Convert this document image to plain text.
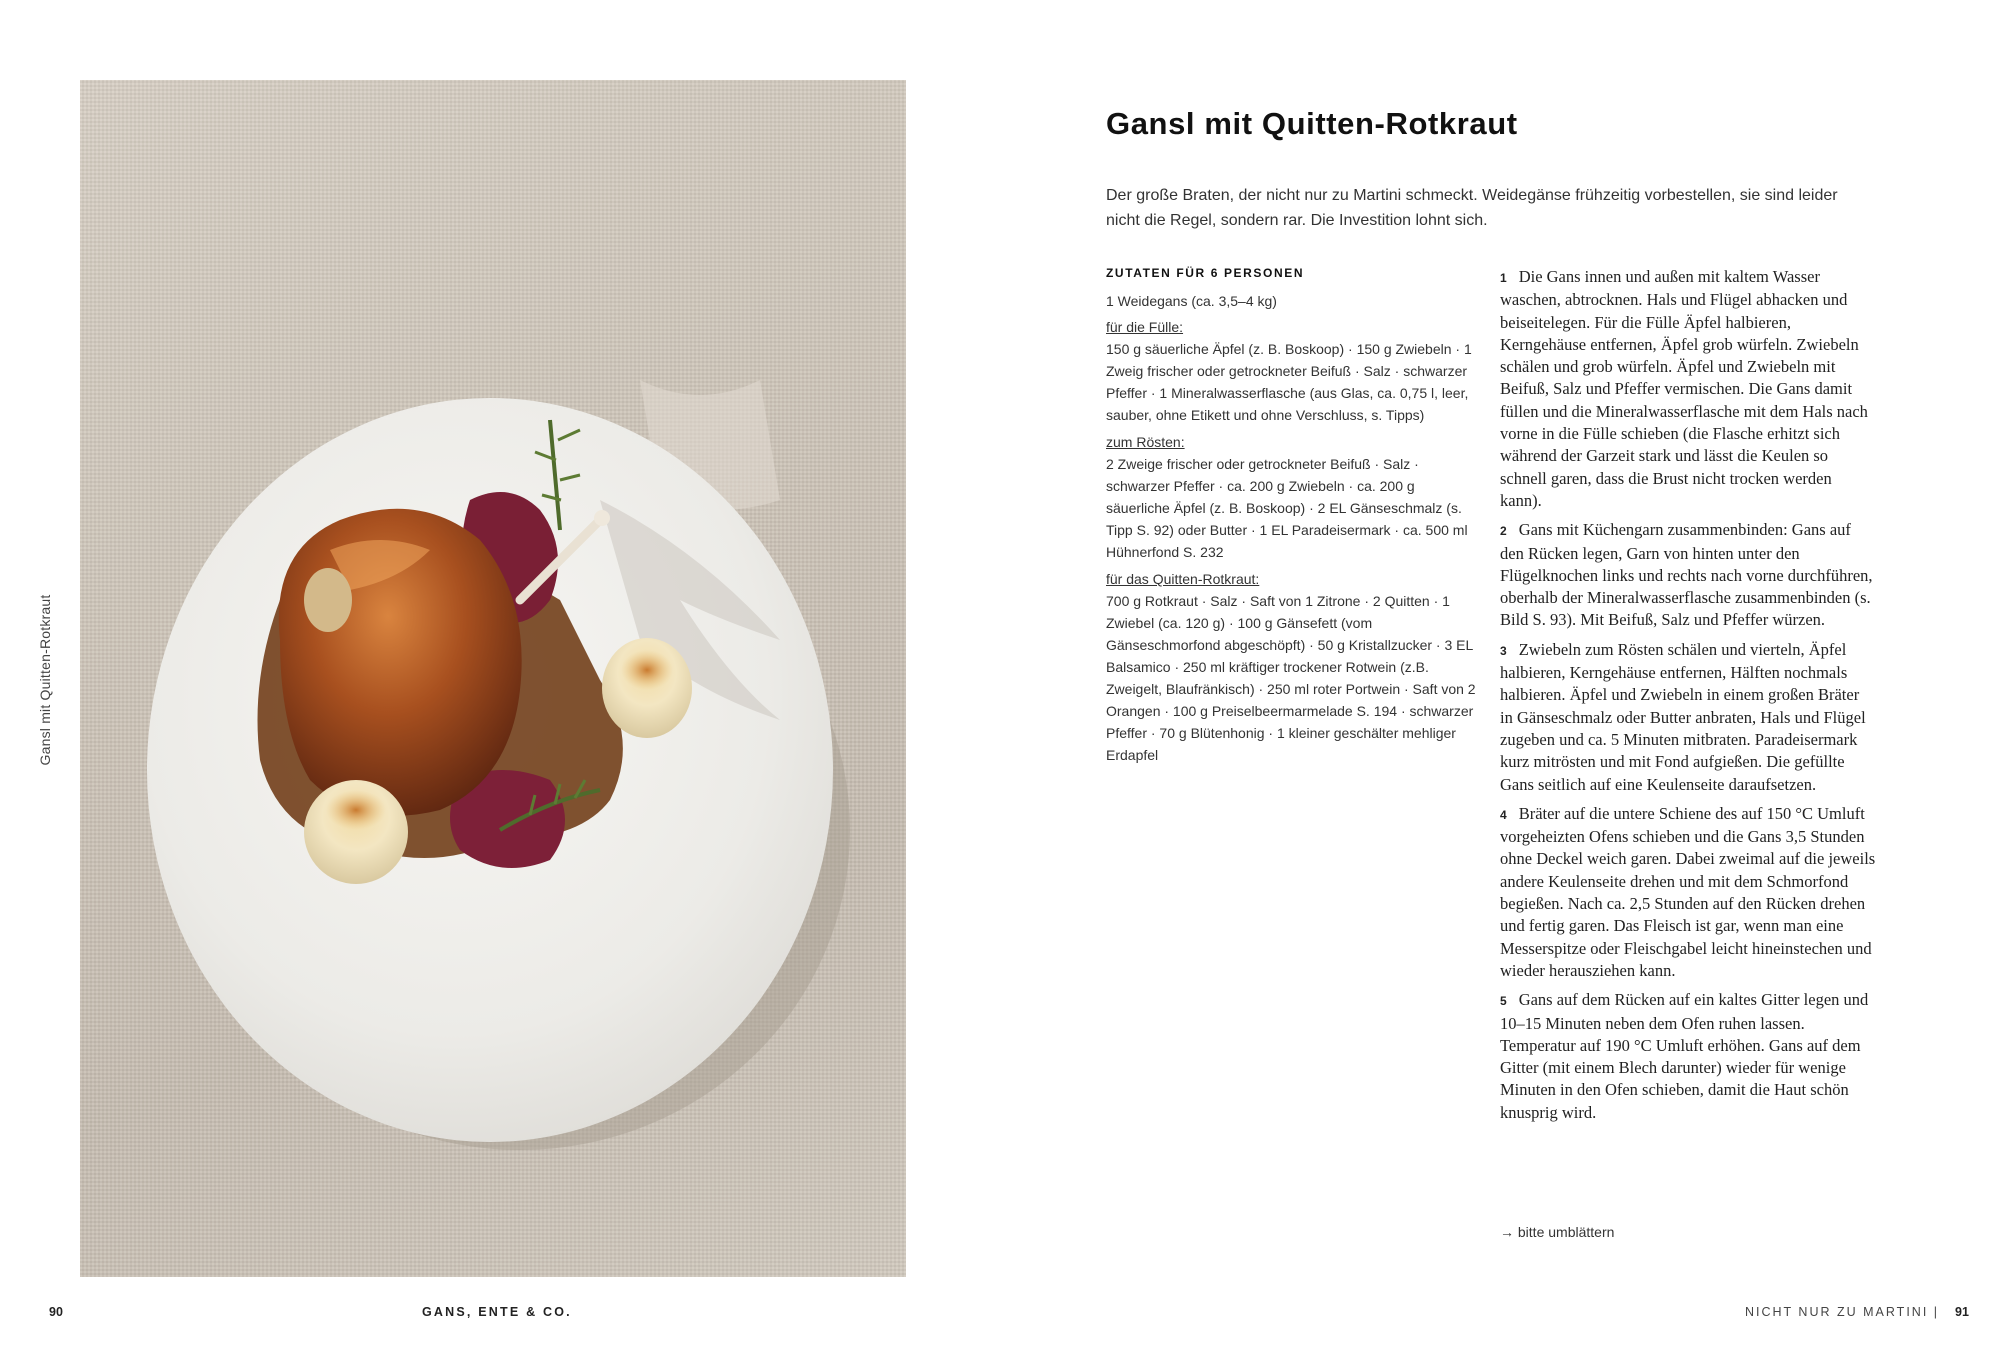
Gansl mit Quitten-Rotkraut
Gansl mit Quitten-Rotkraut

Der große Braten, der nicht nur zu Martini schmeckt. Weidegänse frühzeitig vorbestellen, sie sind leider nicht die Regel, sondern rar. Die Investition lohnt sich.

ZUTATEN FÜR 6 PERSONEN

1 Weidegans (ca. 3,5–4 kg)

für die Fülle:

150 g säuerliche Äpfel (z. B. Boskoop) · 150 g Zwiebeln · 1 Zweig frischer oder getrockneter Beifuß · Salz · schwarzer Pfeffer · 1 Mineralwasserflasche (aus Glas, ca. 0,75 l, leer, sauber, ohne Etikett und ohne Verschluss, s. Tipps)

zum Rösten:

2 Zweige frischer oder getrockneter Beifuß · Salz · schwarzer Pfeffer · ca. 200 g Zwiebeln · ca. 200 g säuerliche Äpfel (z. B. Boskoop) · 2 EL Gänseschmalz (s. Tipp S. 92) oder Butter · 1 EL Paradeisermark · ca. 500 ml Hühnerfond S. 232

für das Quitten-Rotkraut:

700 g Rotkraut · Salz · Saft von 1 Zitrone · 2 Quitten · 1 Zwiebel (ca. 120 g) · 100 g Gänsefett (vom Gänseschmorfond abgeschöpft) · 50 g Kristallzucker · 3 EL Balsamico · 250 ml kräftiger trockener Rotwein (z.B. Zweigelt, Blaufränkisch) · 250 ml roter Portwein · Saft von 2 Orangen · 100 g Preiselbeermarmelade S. 194 · schwarzer Pfeffer · 70 g Blütenhonig · 1 kleiner geschälter mehliger Erdapfel

1 Die Gans innen und außen mit kaltem Wasser waschen, abtrocknen. Hals und Flügel abhacken und beiseitelegen. Für die Fülle Äpfel halbieren, Kerngehäuse entfernen, Äpfel grob würfeln. Zwiebeln schälen und grob würfeln. Äpfel und Zwiebeln mit Beifuß, Salz und Pfeffer vermischen. Die Gans damit füllen und die Mineralwasserflasche mit dem Hals nach vorne in die Fülle schieben (die Flasche erhitzt sich während der Garzeit stark und lässt die Keulen so schnell garen, dass die Brust nicht trocken werden kann).

2 Gans mit Küchengarn zusammenbinden: Gans auf den Rücken legen, Garn von hinten unter den Flügelknochen links und rechts nach vorne durchführen, oberhalb der Mineralwasserflasche zusammenbinden (s. Bild S. 93). Mit Beifuß, Salz und Pfeffer würzen.

3 Zwiebeln zum Rösten schälen und vierteln, Äpfel halbieren, Kerngehäuse entfernen, Hälften nochmals halbieren. Äpfel und Zwiebeln in einem großen Bräter in Gänseschmalz oder Butter anbraten, Hals und Flügel zugeben und ca. 5 Minuten mitbraten. Paradeisermark kurz mitrösten und mit Fond aufgießen. Die gefüllte Gans seitlich auf eine Keulenseite daraufsetzen.

4 Bräter auf die untere Schiene des auf 150 °C Umluft vorgeheizten Ofens schieben und die Gans 3,5 Stunden ohne Deckel weich garen. Dabei zweimal auf die jeweils andere Keulenseite drehen und mit dem Schmorfond begießen. Nach ca. 2,5 Stunden auf den Rücken drehen und fertig garen. Das Fleisch ist gar, wenn man eine Messerspitze oder Fleischgabel leicht hineinstechen und wieder herausziehen kann.

5 Gans auf dem Rücken auf ein kaltes Gitter legen und 10–15 Minuten neben dem Ofen ruhen lassen. Temperatur auf 190 °C Umluft erhöhen. Gans auf dem Gitter (mit einem Blech darunter) wieder für wenige Minuten in den Ofen schieben, damit die Haut schön knusprig wird.

→ bitte umblättern
90	GANS, ENTE & CO.	NICHT NUR ZU MARTINI | 91
